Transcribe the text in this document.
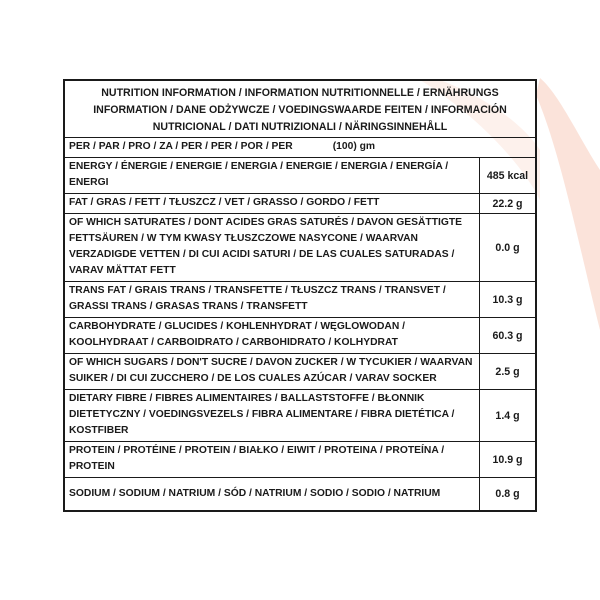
NUTRITION INFORMATION / INFORMATION NUTRITIONNELLE / ERNÄHRUNGS
INFORMATION / DANE ODŻYWCZE / VOEDINGSWAARDE FEITEN / INFORMACIÓN
NUTRICIONAL / DATI NUTRIZIONALI / NÄRINGSINNEHÅLL
PER / PAR / PRO / ZA / PER / PER / POR / PER	(100) gm
ENERGY / ÉNERGIE / ENERGIE / ENERGIA / ENERGIE / ENERGIA / ENERGÍA / ENERGI
485 kcal
FAT / GRAS / FETT / TŁUSZCZ / VET / GRASSO / GORDO / FETT	22.2 g
OF WHICH SATURATES / DONT ACIDES GRAS SATURÉS / DAVON GESÄTTIGTE FETTSÄUREN / W TYM KWASY TŁUSZCZOWE NASYCONE / WAARVAN VERZADIGDE VETTEN / DI CUI ACIDI SATURI / DE LAS CUALES SATURADAS / VARAV MÄTTAT FETT
0.0 g
TRANS FAT / GRAIS TRANS / TRANSFETTE / TŁUSZCZ TRANS / TRANSVET / GRASSI TRANS / GRASAS TRANS / TRANSFETT
10.3 g
CARBOHYDRATE / GLUCIDES / KOHLENHYDRAT / WĘGLOWODAN / KOOLHYDRAAT / CARBOIDRATO / CARBOHIDRATO / KOLHYDRAT
60.3 g
OF WHICH SUGARS / DON'T SUCRE / DAVON ZUCKER / W TYCUKIER / WAARVAN SUIKER / DI CUI ZUCCHERO / DE LOS CUALES AZÚCAR / VARAV SOCKER
2.5 g
DIETARY FIBRE / FIBRES ALIMENTAIRES / BALLASTSTOFFE / BŁONNIK DIETETYCZNY / VOEDINGSVEZELS / FIBRA ALIMENTARE / FIBRA DIETÉTICA / KOSTFIBER
1.4 g
PROTEIN / PROTÉINE / PROTEIN / BIAŁKO / EIWIT / PROTEINA / PROTEÍNA / PROTEIN
10.9 g
SODIUM / SODIUM / NATRIUM / SÓD / NATRIUM / SODIO / SODIO / NATRIUM	0.8 g
